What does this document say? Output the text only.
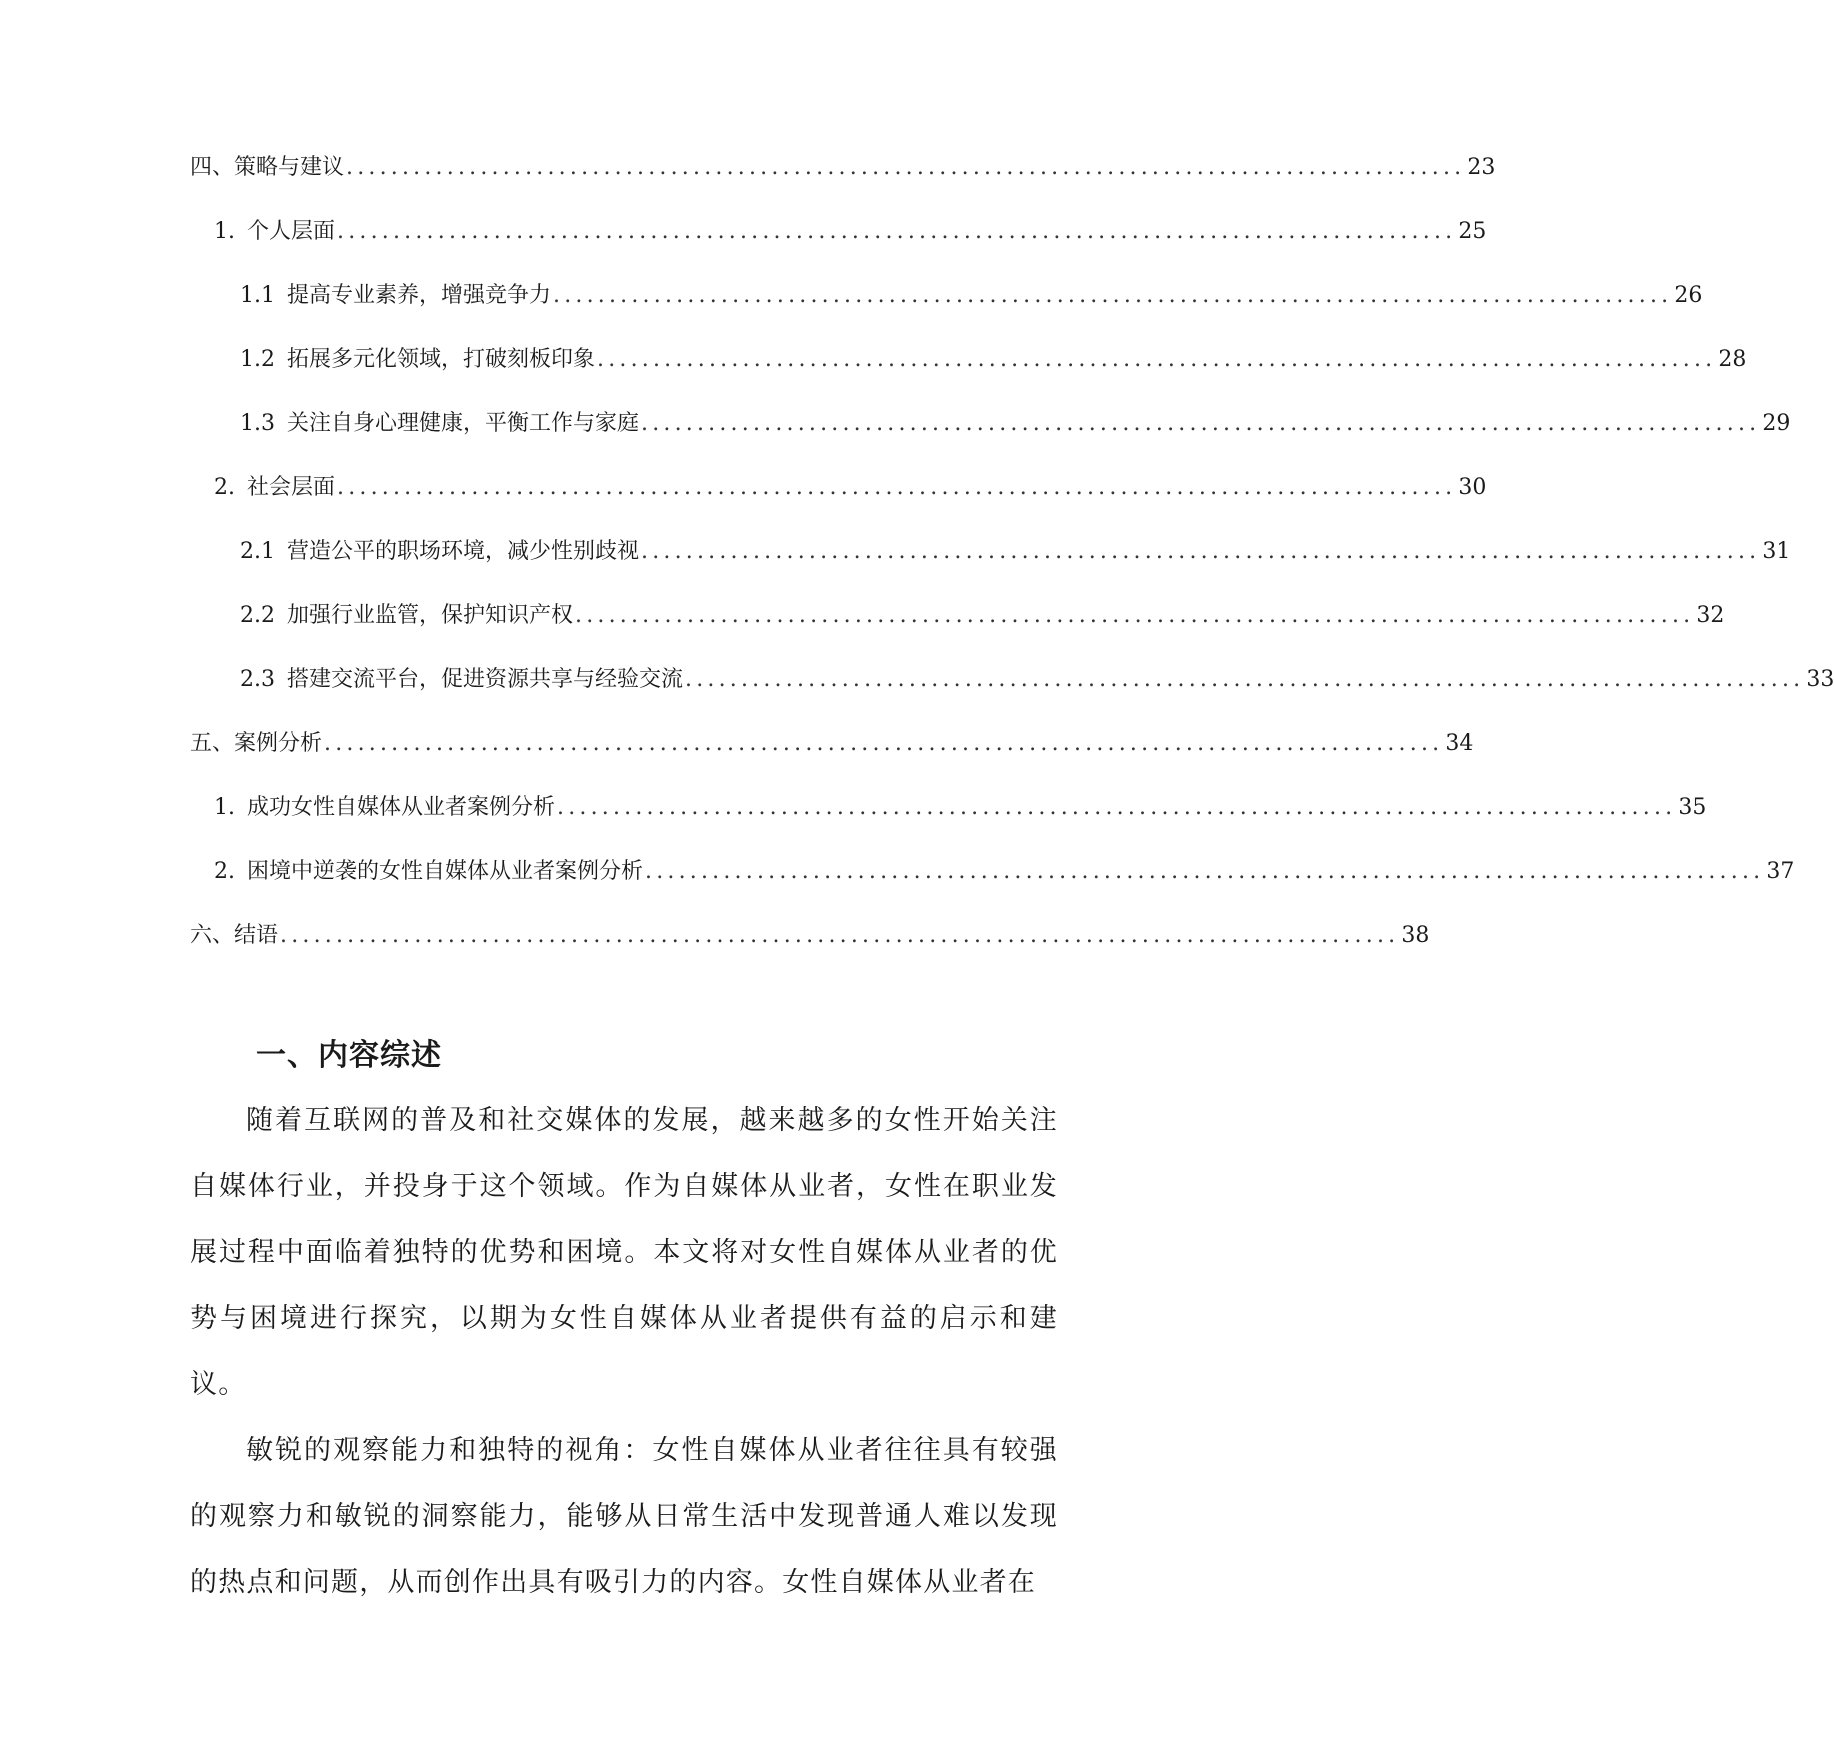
四、策略与建议 .................................................................................................... 23
1. 个人层面 .................................................................................................... 25
1.1 提高专业素养，增强竞争力 .................................................................................................... 26
1.2 拓展多元化领域，打破刻板印象 .................................................................................................... 28
1.3 关注自身心理健康，平衡工作与家庭 .................................................................................................... 29
2. 社会层面 .................................................................................................... 30
2.1 营造公平的职场环境，减少性别歧视 .................................................................................................... 31
2.2 加强行业监管，保护知识产权 .................................................................................................... 32
2.3 搭建交流平台，促进资源共享与经验交流 .................................................................................................... 33
五、案例分析 .................................................................................................... 34
1. 成功女性自媒体从业者案例分析 .................................................................................................... 35
2. 困境中逆袭的女性自媒体从业者案例分析 .................................................................................................... 37
六、结语 .................................................................................................... 38
一、内容综述

随着互联网的普及和社交媒体的发展，越来越多的女性开始关注自媒体行业，并投身于这个领域。作为自媒体从业者，女性在职业发展过程中面临着独特的优势和困境。本文将对女性自媒体从业者的优势与困境进行探究，以期为女性自媒体从业者提供有益的启示和建议。

敏锐的观察能力和独特的视角：女性自媒体从业者往往具有较强的观察力和敏锐的洞察能力，能够从日常生活中发现普通人难以发现的热点和问题，从而创作出具有吸引力的内容。女性自媒体从业者在
